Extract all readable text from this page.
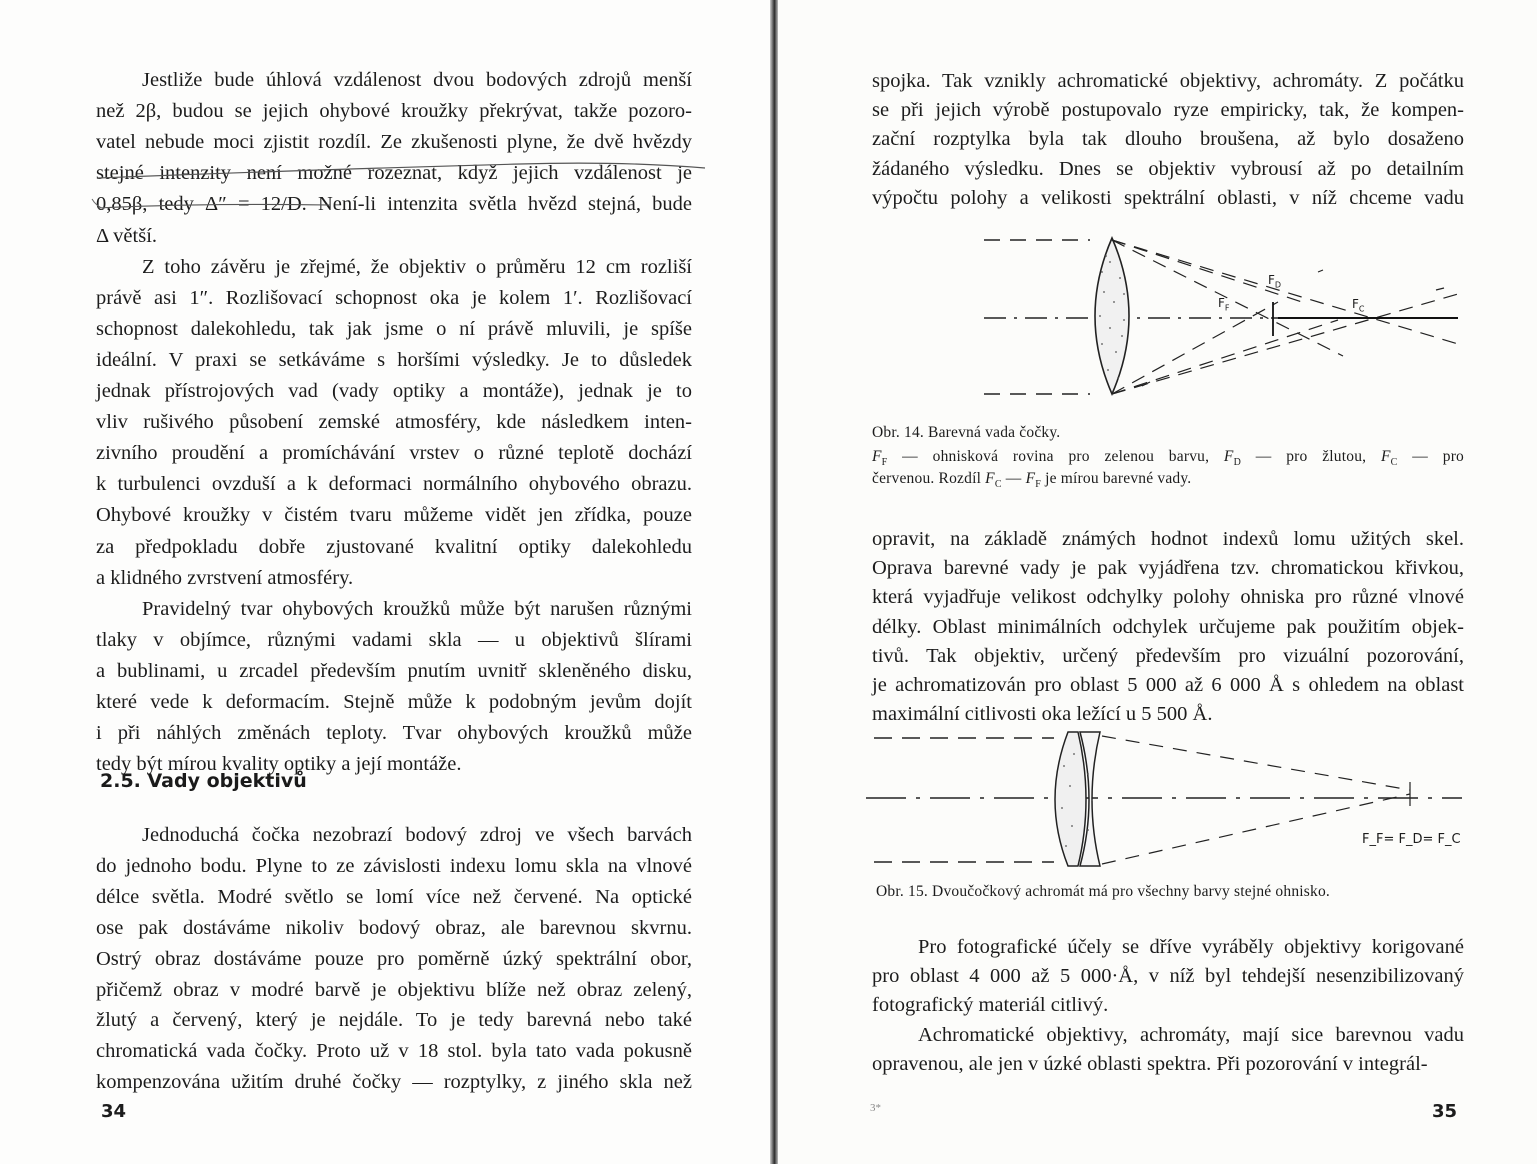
Jestliže bude úhlová vzdálenost dvou bodových zdrojů menší
než 2β, budou se jejich ohybové kroužky překrývat, takže pozoro-
vatel nebude moci zjistit rozdíl. Ze zkušenosti plyne, že dvě hvězdy
stejné intenzity není možné rozeznat, když jejich vzdálenost je
0,85β, tedy Δ″ = 12/D. Není-li intenzita světla hvězd stejná, bude
Δ větší.
Z toho závěru je zřejmé, že objektiv o průměru 12 cm rozliší
právě asi 1″. Rozlišovací schopnost oka je kolem 1′. Rozlišovací
schopnost dalekohledu, tak jak jsme o ní právě mluvili, je spíše
ideální. V praxi se setkáváme s horšími výsledky. Je to důsledek
jednak přístrojových vad (vady optiky a montáže), jednak je to
vliv rušivého působení zemské atmosféry, kde následkem inten-
zivního proudění a promíchávání vrstev o různé teplotě dochází
k turbulenci ovzduší a k deformaci normálního ohybového obrazu.
Ohybové kroužky v čistém tvaru můžeme vidět jen zřídka, pouze
za předpokladu dobře zjustované kvalitní optiky dalekohledu
a klidného zvrstvení atmosféry.
Pravidelný tvar ohybových kroužků může být narušen různými
tlaky v objímce, různými vadami skla — u objektivů šlírami
a bublinami, u zrcadel především pnutím uvnitř skleněného disku,
které vede k deformacím. Stejně může k podobným jevům dojít
i při náhlých změnách teploty. Tvar ohybových kroužků může
tedy být mírou kvality optiky a její montáže.
2.5. Vady objektivů
Jednoduchá čočka nezobrazí bodový zdroj ve všech barvách
do jednoho bodu. Plyne to ze závislosti indexu lomu skla na vlnové
délce světla. Modré světlo se lomí více než červené. Na optické
ose pak dostáváme nikoliv bodový obraz, ale barevnou skvrnu.
Ostrý obraz dostáváme pouze pro poměrně úzký spektrální obor,
přičemž obraz v modré barvě je objektivu blíže než obraz zelený,
žlutý a červený, který je nejdále. To je tedy barevná nebo také
chromatická vada čočky. Proto už v 18 stol. byla tato vada pokusně
kompenzována užitím druhé čočky — rozptylky, z jiného skla než
34
spojka. Tak vznikly achromatické objektivy, achromáty. Z počátku
se při jejich výrobě postupovalo ryze empiricky, tak, že kompen-
zační rozptylka byla tak dlouho broušena, až bylo dosaženo
žádaného výsledku. Dnes se objektiv vybrousí až po detailním
výpočtu polohy a velikosti spektrální oblasti, v níž chceme vadu
$F_D$
$F_F$	$F_C$
Obr. 14. Barevná vada čočky.
$F_F$ — ohnisková rovina pro zelenou barvu, $F_D$ — pro žlutou, $F_C$ — pro
červenou. Rozdíl $F_C$ — $F_F$ je mírou barevné vady.
opravit, na základě známých hodnot indexů lomu užitých skel.
Oprava barevné vady je pak vyjádřena tzv. chromatickou křivkou,
která vyjadřuje velikost odchylky polohy ohniska pro různé vlnové
délky. Oblast minimálních odchylek určujeme pak použitím objek-
tivů. Tak objektiv, určený především pro vizuální pozorování,
je achromatizován pro oblast 5 000 až 6 000 Å s ohledem na oblast
maximální citlivosti oka ležící u 5 500 Å.
F_F= F_D= F_C
Obr. 15. Dvoučočkový achromát má pro všechny barvy stejné ohnisko.
Pro fotografické účely se dříve vyráběly objektivy korigované
pro oblast 4 000 až 5 000·Å, v níž byl tehdejší nesenzibilizovaný
fotografický materiál citlivý.
Achromatické objektivy, achromáty, mají sice barevnou vadu
opravenou, ale jen v úzké oblasti spektra. Při pozorování v integrál-
3*	35
